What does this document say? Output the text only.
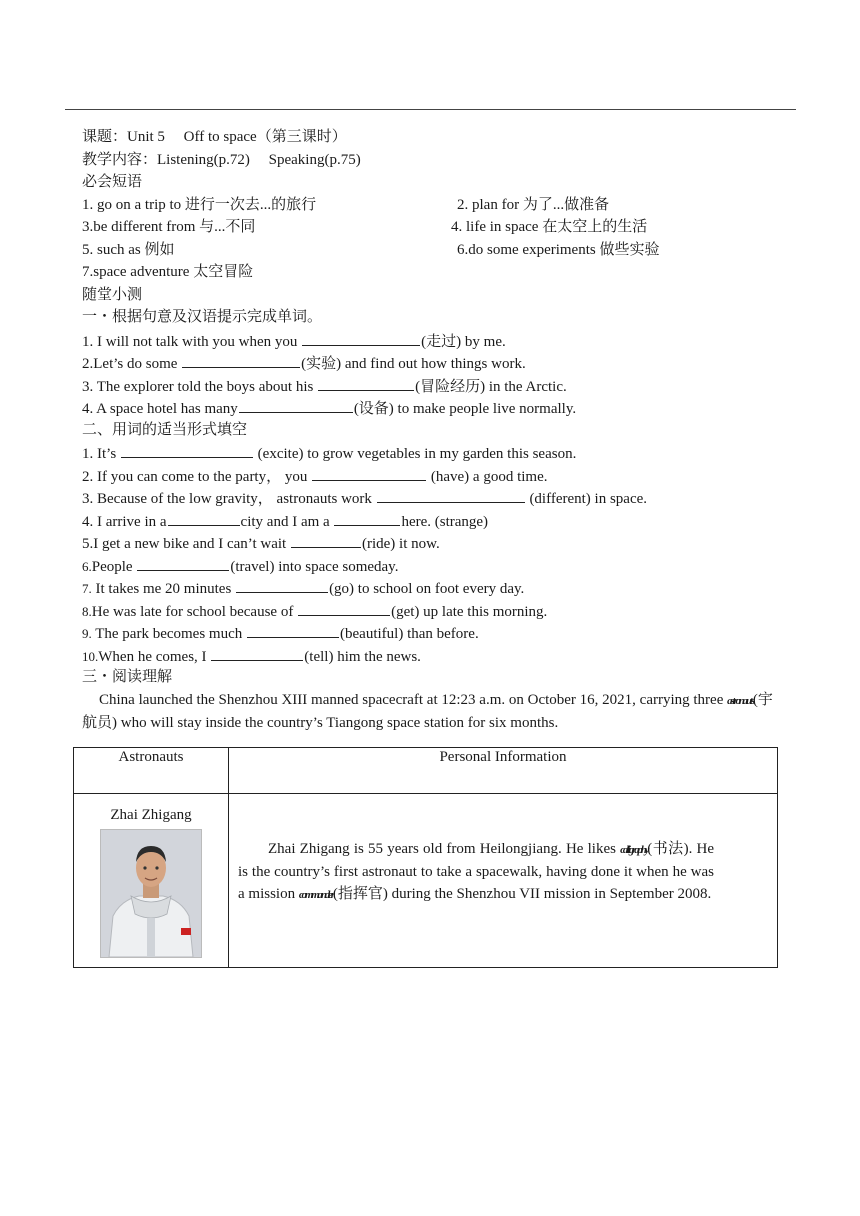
课题：Unit 5　 Off to space（第三课时）
教学内容：Listening(p.72)　 Speaking(p.75)
必会短语
1. go on a trip to 进行一次去...的旅行	2. plan for 为了...做准备
3.be different from 与...不同	4. life in space 在太空上的生活
5. such as 例如	6.do some experiments 做些实验
7.space adventure 太空冒险
随堂小测
一・根据句意及汉语提示完成单词。
1. I will not talk with you when you	(走过) by me.
2.Let’s do some	(实验) and find out how things work.
3. The explorer told the boys about his	(冒险经历) in the Arctic.
4. A space hotel has many	(设备) to make people live normally.
二、用词的适当形式填空
1. It’s	(excite) to grow vegetables in my garden this season.
2. If you can come to the party， you	(have) a good time.
3. Because of the low gravity， astronauts work	(different) in space.
4. I arrive in a	city and I am a	here. (strange)
5.I get a new bike and I can’t wait	(ride) it now.
6.People	(travel) into space someday.
7. It takes me 20 minutes	(go) to school on foot every day.
8.He was late for school because of	(get) up late this morning.
9. The park becomes much	(beautiful) than before.
10.When he comes, I	(tell) him the news.
三・阅读理解

China launched the Shenzhou XIII manned spacecraft at 12:23 a.m. on October 16, 2021, carrying three astronauts(宇航员) who will stay inside the country’s Tiangong space station for six months.

Astronauts	Personal Information

Zhai Zhigang	Zhai Zhigang is 55 years old from Heilongjiang. He likes calligraphy(书法). He is the country’s first astronaut to take a spacewalk, having done it when he was a mission commander(指挥官) during the Shenzhou VII mission in September 2008.
